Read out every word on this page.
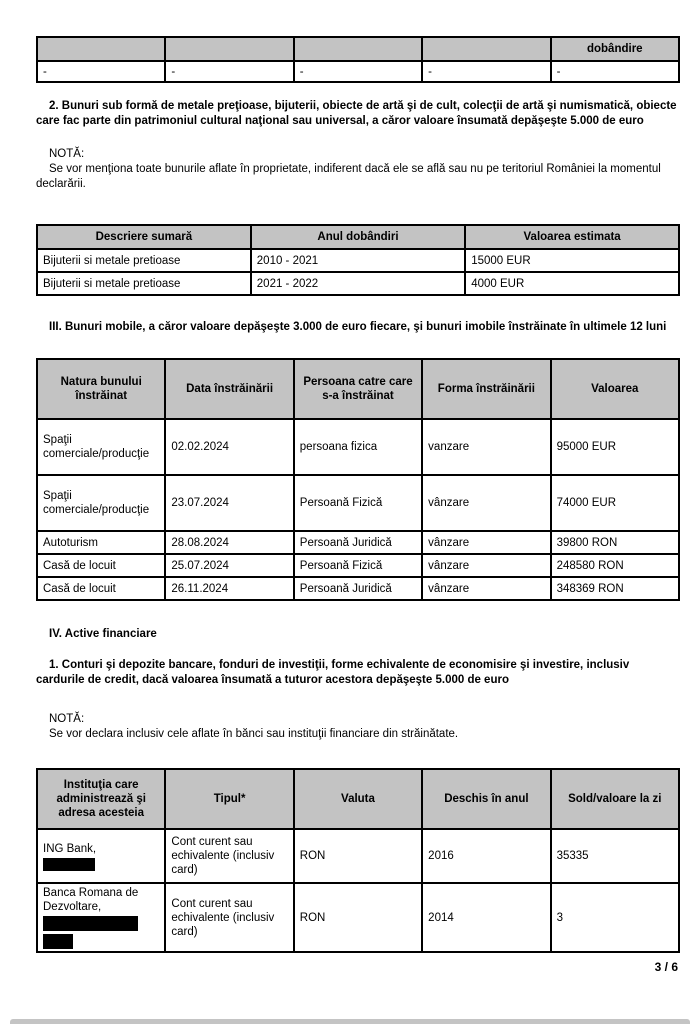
				dobândire
-	-	-	-	-

2. Bunuri sub formă de metale preţioase, bijuterii, obiecte de artă şi de cult, colecţii de artă şi numismatică, obiecte care fac parte din patrimoniul cultural naţional sau universal, a căror valoare însumată depăşeşte 5.000 de euro

NOTĂ:

Se vor menţiona toate bunurile aflate în proprietate, indiferent dacă ele se află sau nu pe teritoriul României la momentul declarării.

Descriere sumară	Anul dobândiri	Valoarea estimata
Bijuterii si metale pretioase	2010 - 2021	15000 EUR
Bijuterii si metale pretioase	2021 - 2022	4000 EUR

III. Bunuri mobile, a căror valoare depăşeşte 3.000 de euro fiecare, şi bunuri imobile înstrăinate în ultimele 12 luni

Natura bunului înstrăinat	Data înstrăinării	Persoana catre care s-a înstrăinat	Forma înstrăinării	Valoarea
Spaţii comerciale/producţie	02.02.2024	persoana fizica	vanzare	95000 EUR
Spaţii comerciale/producţie	23.07.2024	Persoană Fizică	vânzare	74000 EUR
Autoturism	28.08.2024	Persoană Juridică	vânzare	39800 RON
Casă de locuit	25.07.2024	Persoană Fizică	vânzare	248580 RON
Casă de locuit	26.11.2024	Persoană Juridică	vânzare	348369 RON

IV. Active financiare

1. Conturi şi depozite bancare, fonduri de investiţii, forme echivalente de economisire şi investire, inclusiv cardurile de credit, dacă valoarea însumată a tuturor acestora depăşeşte 5.000 de euro

NOTĂ:

Se vor declara inclusiv cele aflate în bănci sau instituţii financiare din străinătate.

Instituţia care administrează şi adresa acesteia	Tipul*	Valuta	Deschis în anul	Sold/valoare la zi
ING Bank,	Cont curent sau echivalente (inclusiv card)	RON	2016	35335
Banca Romana de Dezvoltare,	Cont curent sau echivalente (inclusiv card)	RON	2014	3
3 / 6
